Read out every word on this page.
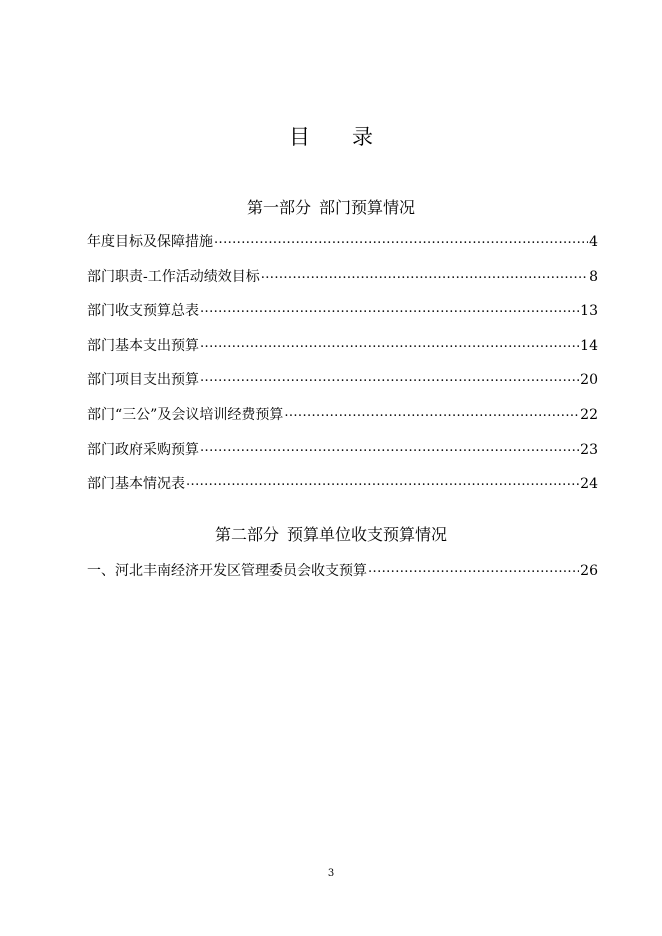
目 录
第一部分 部门预算情况
年度目标及保障措施 .....	4
部门职责-工作活动绩效目标 .....	8
部门收支预算总表 .....	13
部门基本支出预算 .....	14
部门项目支出预算 .....	20
部门“三公”及会议培训经费预算 .....	22
部门政府采购预算 .....	23
部门基本情况表 .....	24
第二部分 预算单位收支预算情况
一、河北丰南经济开发区管理委员会收支预算 .....	26
3
